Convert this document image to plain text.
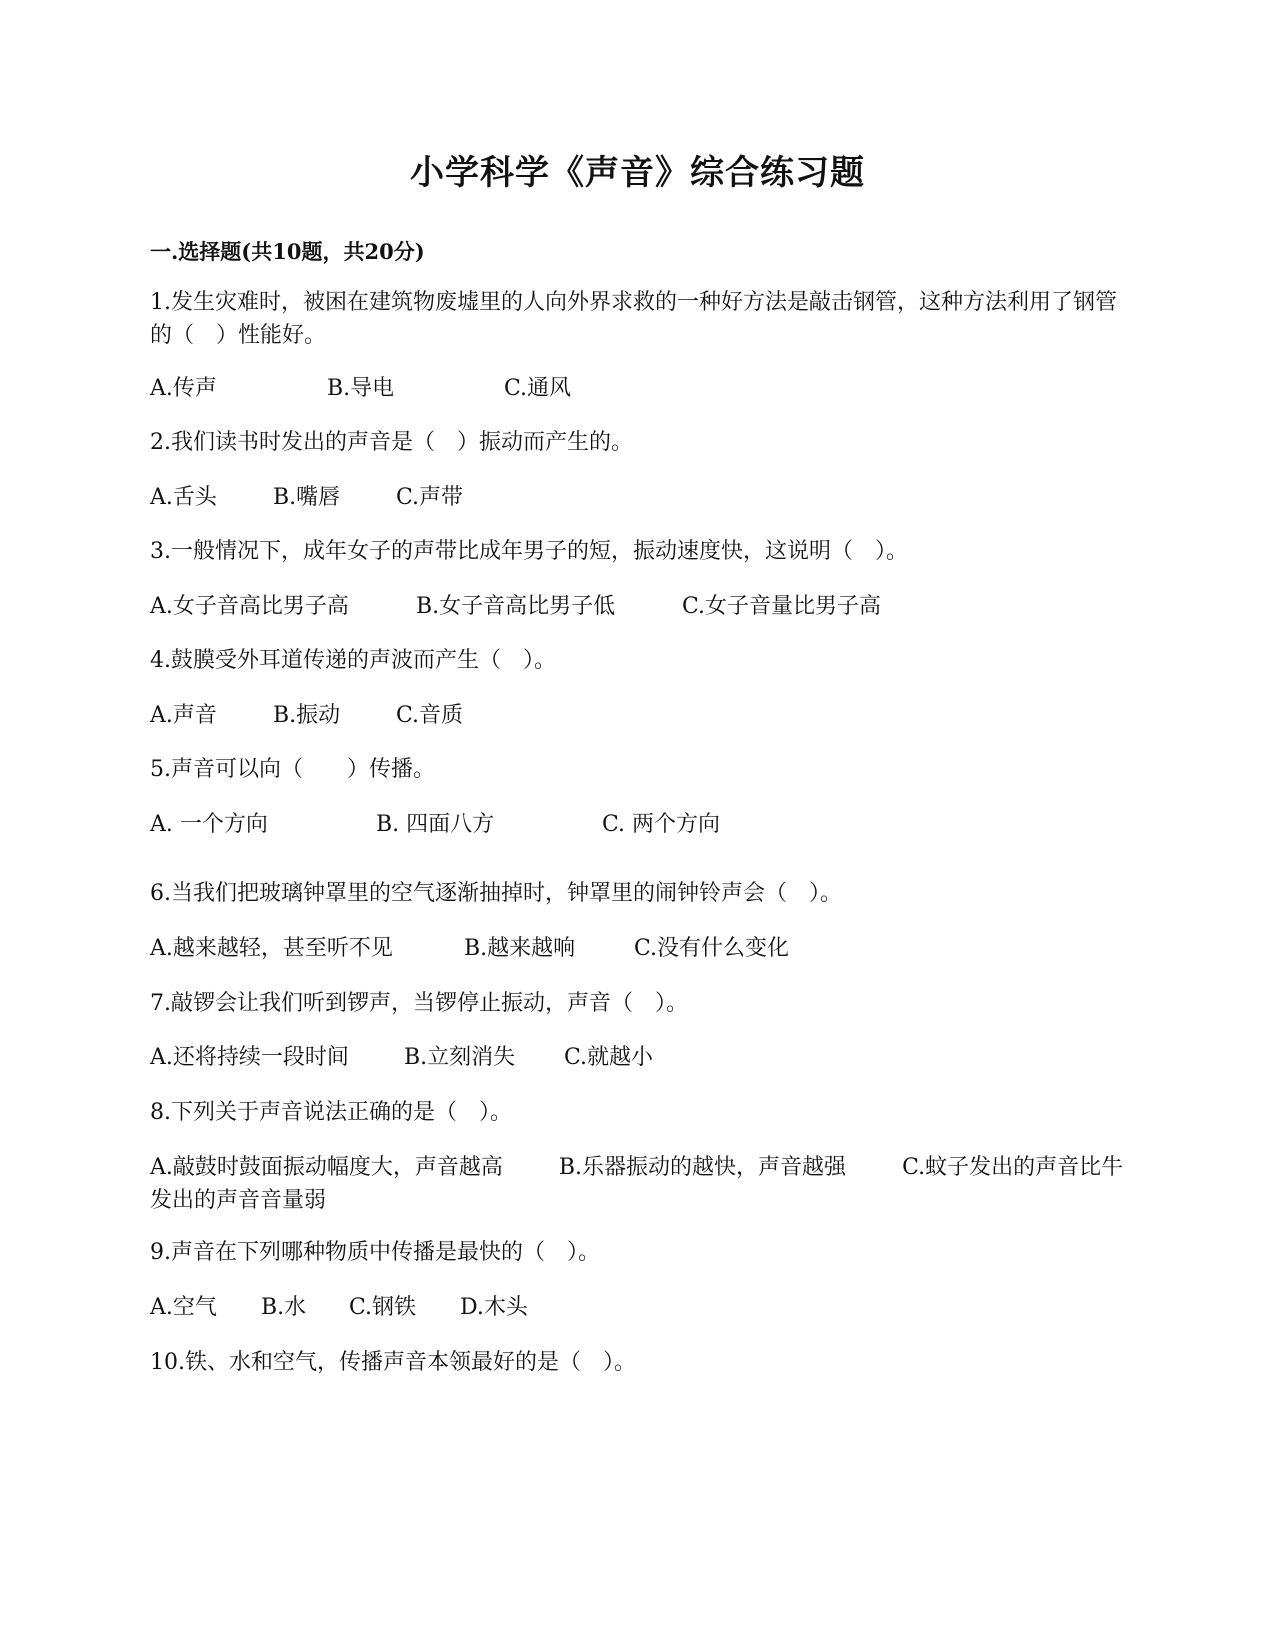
小学科学《声音》综合练习题
一.选择题(共10题，共20分)
1.发生灾难时，被困在建筑物废墟里的人向外界求救的一种好方法是敲击钢管，这种方法利用了钢管的（　）性能好。
A.传声	B.导电	C.通风
2.我们读书时发出的声音是（　）振动而产生的。
A.舌头	B.嘴唇	C.声带
3.一般情况下，成年女子的声带比成年男子的短，振动速度快，这说明（　）。
A.女子音高比男子高	B.女子音高比男子低	C.女子音量比男子高
4.鼓膜受外耳道传递的声波而产生（　）。
A.声音	B.振动	C.音质
5.声音可以向（　　）传播。
A. 一个方向	B. 四面八方	C. 两个方向
6.当我们把玻璃钟罩里的空气逐渐抽掉时，钟罩里的闹钟铃声会（　）。
A.越来越轻，甚至听不见	B.越来越响	C.没有什么变化
7.敲锣会让我们听到锣声，当锣停止振动，声音（　）。
A.还将持续一段时间	B.立刻消失 C.就越小
8.下列关于声音说法正确的是（　）。
A.敲鼓时鼓面振动幅度大，声音越高	B.乐器振动的越快，声音越强	C.蚊子发出的声音比牛发出的声音音量弱
9.声音在下列哪种物质中传播是最快的（　）。
A.空气 B.水 C.钢铁 D.木头
10.铁、水和空气，传播声音本领最好的是（　）。
